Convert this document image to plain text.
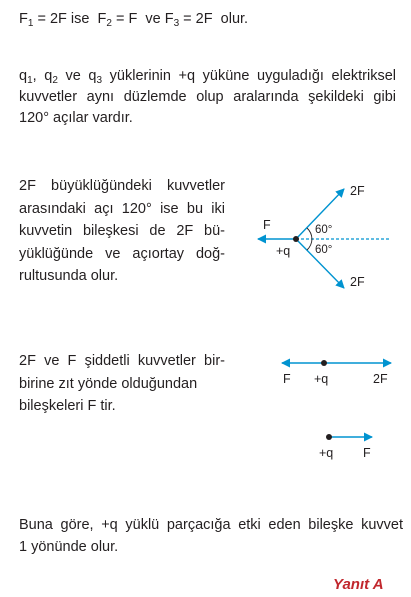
$F_1 = 2F$ ise $F_2 = F$  ve $F_3 = 2F$  olur.
$q_1$, $q_2$ ve $q_3$ yüklerinin +q yüküne uyguladığı elektriksel
kuvvetler aynı düzlemde olup aralarında şekildeki gibi
120° açılar vardır.
2F büyüklüğündeki kuvvetler
arasındaki açı 120° ise bu iki
kuvvetin bileşkesi de 2F bü-
yüklüğünde ve açıortay doğ-
rultusunda olur.
2F
2F
F
+q
60°
60°
2F ve F şiddetli kuvvetler bir-
birine zıt yönde olduğundan
bileşkeleri F tir.
F +q	2F
+q F
Buna göre, +q yüklü parçacığa etki eden bileşke kuvvet
1 yönünde olur.
Yanıt A
